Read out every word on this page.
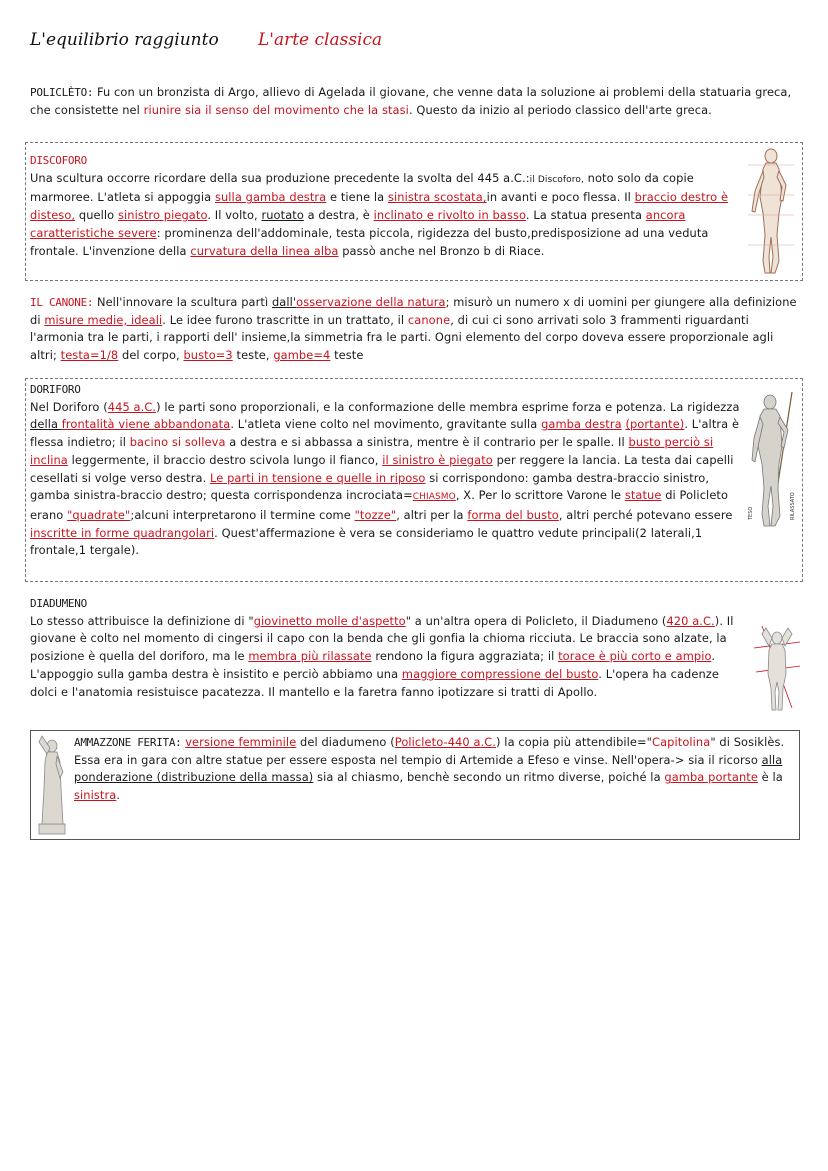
L'equilibrio raggiunto L'arte classica
POLICLÈTO: Fu con un bronzista di Argo, allievo di Agelada il giovane, che venne data la soluzione ai problemi della statuaria greca, che consistette nel riunire sia il senso del movimento che la stasi. Questo da inizio al periodo classico dell'arte greca.
DISCOFORO
Una scultura occorre ricordare della sua produzione precedente la svolta del 445 a.C.:il Discoforo, noto solo da copie marmoree. L'atleta si appoggia sulla gamba destra e tiene la sinistra scostata,in avanti e poco flessa. Il braccio destro è disteso, quello sinistro piegato. Il volto, ruotato a destra, è inclinato e rivolto in basso. La statua presenta ancora caratteristiche severe: prominenza dell'addominale, testa piccola, rigidezza del busto,predisposizione ad una veduta frontale. L'invenzione della curvatura della linea alba passò anche nel Bronzo b di Riace.
IL CANONE: Nell'innovare la scultura partì dall'osservazione della natura; misurò un numero x di uomini per giungere alla definizione di misure medie, ideali. Le idee furono trascritte in un trattato, il canone, di cui ci sono arrivati solo 3 frammenti riguardanti l'armonia tra le parti, i rapporti dell' insieme,la simmetria fra le parti. Ogni elemento del corpo doveva essere proporzionale agli altri; testa=1/8 del corpo, busto=3 teste, gambe=4 teste
DORIFORO
Nel Doriforo (445 a.C.) le parti sono proporzionali, e la conformazione delle membra esprime forza e potenza. La rigidezza della frontalità viene abbandonata. L'atleta viene colto nel movimento, gravitante sulla gamba destra (portante). L'altra è flessa indietro; il bacino si solleva a destra e si abbassa a sinistra, mentre è il contrario per le spalle. Il busto perciò si inclina leggermente, il braccio destro scivola lungo il fianco, il sinistro è piegato per reggere la lancia. La testa dai capelli cesellati si volge verso destra. Le parti in tensione e quelle in riposo si corrispondono: gamba destra-braccio sinistro, gamba sinistra-braccio destro; questa corrispondenza incrociata=CHIASMO, X. Per lo scrittore Varone le statue di Policleto erano "quadrate";alcuni interpretarono il termine come "tozze", altri per la forma del busto, altri perché potevano essere inscritte in forme quadrangolari. Quest'affermazione è vera se consideriamo le quattro vedute principali(2 laterali,1 frontale,1 tergale).
TESO	RILASSATO
DIADUMENO
Lo stesso attribuisce la definizione di "giovinetto molle d'aspetto" a un'altra opera di Policleto, il Diadumeno (420 a.C.). Il giovane è colto nel momento di cingersi il capo con la benda che gli gonfia la chioma ricciuta. Le braccia sono alzate, la posizione è quella del doriforo, ma le membra più rilassate rendono la figura aggraziata; il torace è più corto e ampio. L'appoggio sulla gamba destra è insistito e perciò abbiamo una maggiore compressione del busto. L'opera ha cadenze dolci e l'anatomia resistuisce pacatezza. Il mantello e la faretra fanno ipotizzare si tratti di Apollo.
AMMAZZONE FERITA: versione femminile del diadumeno (Policleto-440 a.C.) la copia più attendibile="Capitolina" di Sosiklès. Essa era in gara con altre statue per essere esposta nel tempio di Artemide a Efeso e vinse. Nell'opera-> sia il ricorso alla ponderazione (distribuzione della massa) sia al chiasmo, benchè secondo un ritmo diverse, poiché la gamba portante è la sinistra.
